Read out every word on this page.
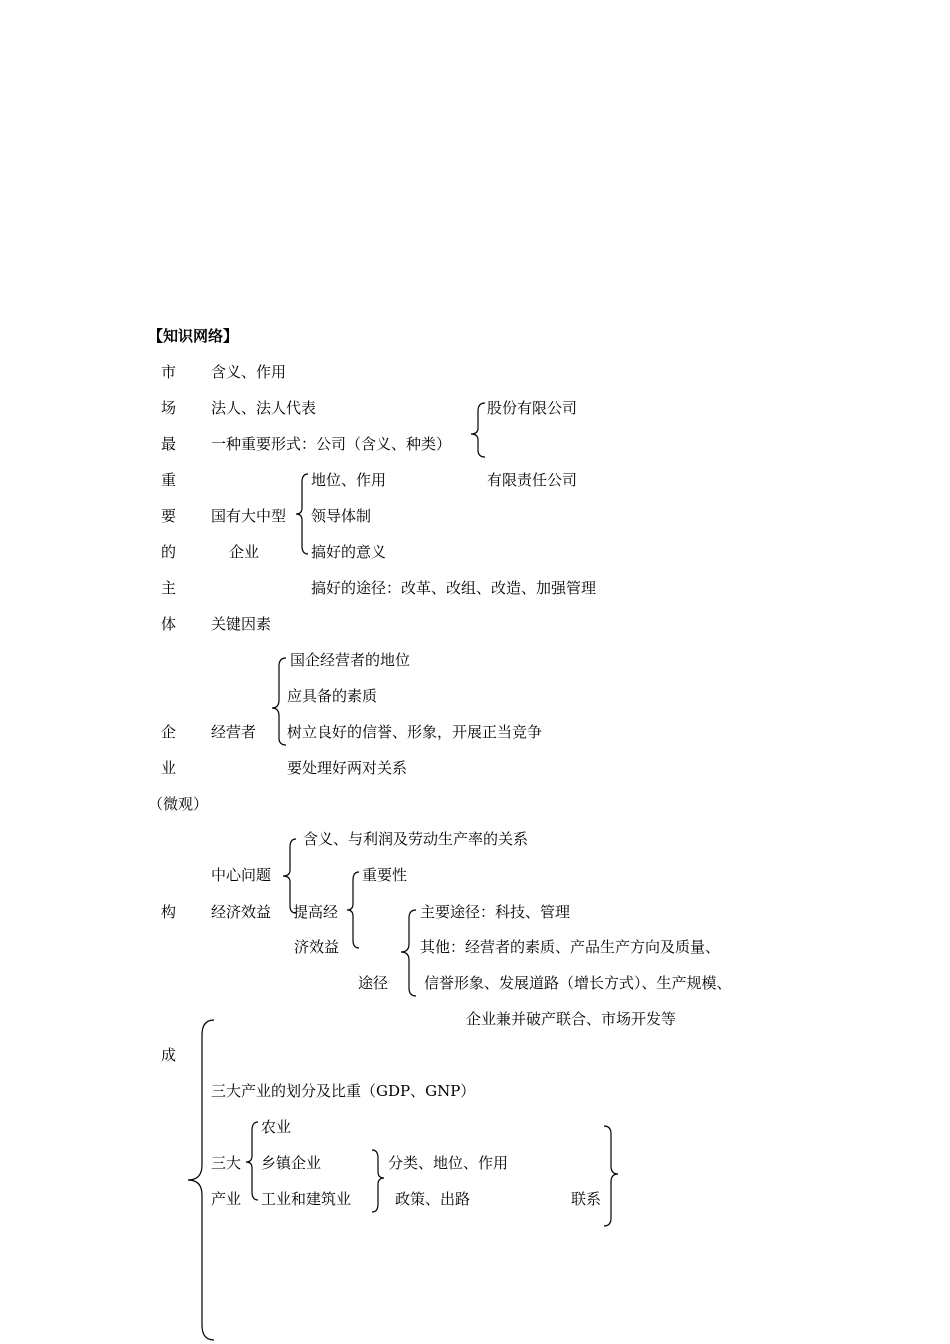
【知识网络】
市
场
最
重
要
的
主
体
企
业
（微观）
构
成
含义、作用
法人、法人代表
一种重要形式：公司（含义、种类）
股份有限公司
有限责任公司
国有大中型
企业
地位、作用
领导体制
搞好的意义
搞好的途径：改革、改组、改造、加强管理
关键因素
经营者
国企经营者的地位
应具备的素质
树立良好的信誉、形象，开展正当竞争
要处理好两对关系
含义、与利润及劳动生产率的关系
中心问题
经济效益
重要性
提高经
济效益
主要途径：科技、管理
其他：经营者的素质、产品生产方向及质量、
途径 信誉形象、发展道路（增长方式）、生产规模、
企业兼并破产联合、市场开发等
三大产业的划分及比重（GDP、GNP）
农业
三大 乡镇企业
产业 工业和建筑业
分类、地位、作用
政策、出路	联系
